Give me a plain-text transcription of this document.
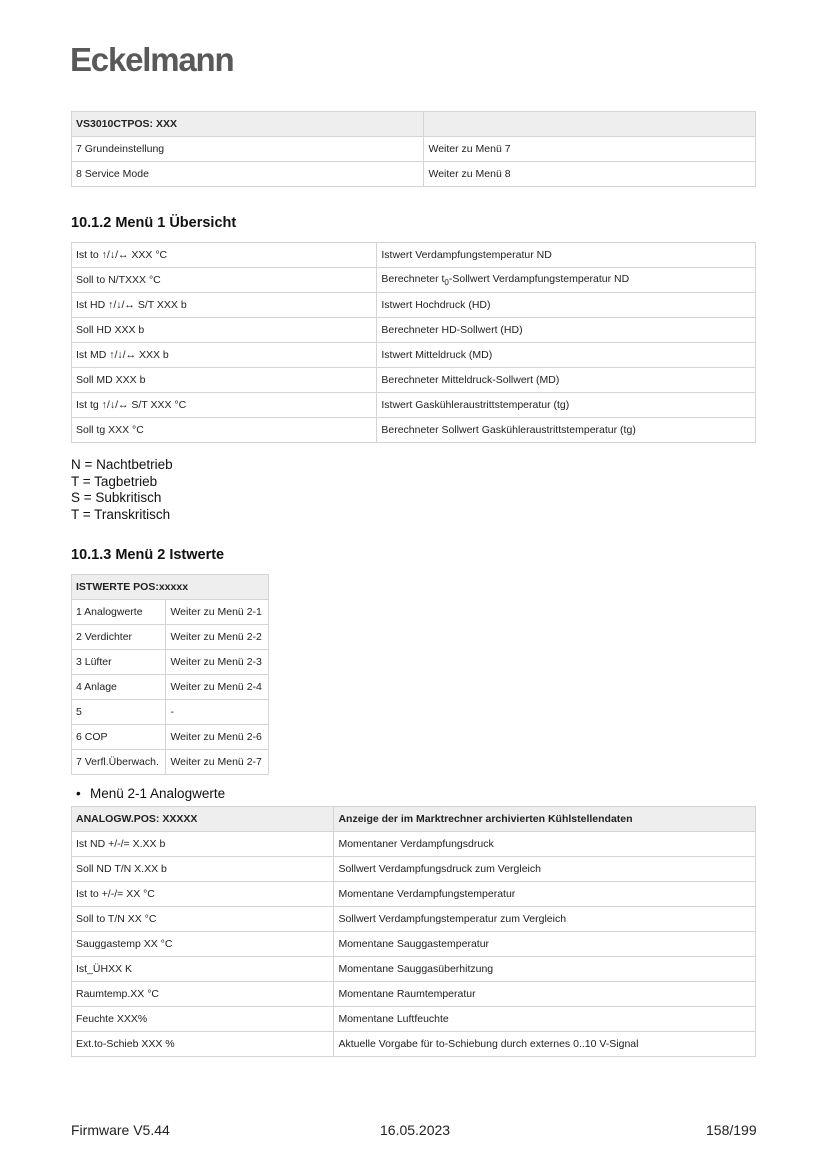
Eckelmann
VS3010CTPOS: XXX	
7 Grundeinstellung	Weiter zu Menü 7
8 Service Mode	Weiter zu Menü 8
10.1.2 Menü 1 Übersicht
Ist to ↑/↓/↔ XXX °C	Istwert Verdampfungstemperatur ND
Soll to N/TXXX °C	Berechneter $t_0$-Sollwert Verdampfungstemperatur ND
Ist HD ↑/↓/↔ S/T XXX b	Istwert Hochdruck (HD)
Soll HD XXX b	Berechneter HD-Sollwert (HD)
Ist MD ↑/↓/↔ XXX b	Istwert Mitteldruck (MD)
Soll MD XXX b	Berechneter Mitteldruck-Sollwert (MD)
Ist tg ↑/↓/↔ S/T XXX °C	Istwert Gaskühleraustrittstemperatur (tg)
Soll tg XXX °C	Berechneter Sollwert Gaskühleraustrittstemperatur (tg)
N = Nachtbetrieb
T = Tagbetrieb
S = Subkritisch
T = Transkritisch
10.1.3 Menü 2 Istwerte
ISTWERTE POS:xxxxx	
1 Analogwerte	Weiter zu Menü 2-1
2 Verdichter	Weiter zu Menü 2-2
3 Lüfter	Weiter zu Menü 2-3
4 Anlage	Weiter zu Menü 2-4
5	-
6 COP	Weiter zu Menü 2-6
7 Verfl.Überwach.	Weiter zu Menü 2-7
• Menü 2-1 Analogwerte
ANALOGW.POS: XXXXX	Anzeige der im Marktrechner archivierten Kühlstellendaten
Ist ND +/-/= X.XX b	Momentaner Verdampfungsdruck
Soll ND T/N X.XX b	Sollwert Verdampfungsdruck zum Vergleich
Ist to +/-/= XX °C	Momentane Verdampfungstemperatur
Soll to T/N XX °C	Sollwert Verdampfungstemperatur zum Vergleich
Sauggastemp XX °C	Momentane Sauggastemperatur
Ist_ÜHXX K	Momentane Sauggasüberhitzung
Raumtemp.XX °C	Momentane Raumtemperatur
Feuchte XXX%	Momentane Luftfeuchte
Ext.to-Schieb XXX %	Aktuelle Vorgabe für to-Schiebung durch externes 0..10 V-Signal
Firmware V5.44	16.05.2023	158/199
